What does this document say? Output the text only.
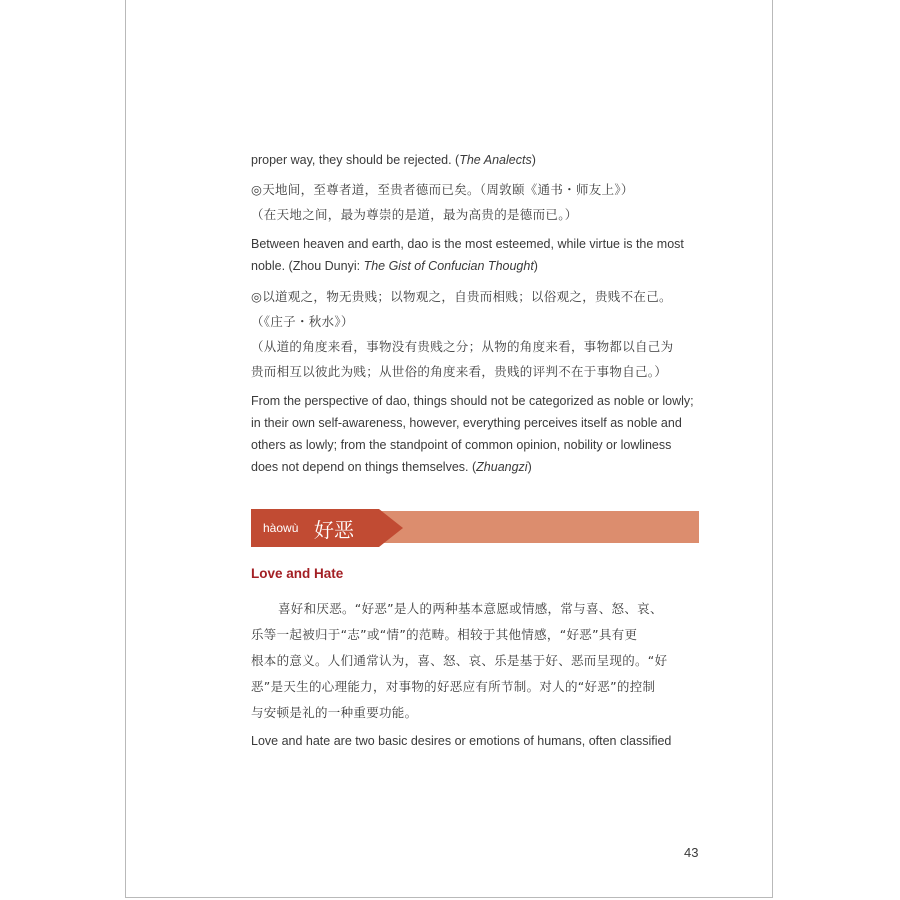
proper way, they should be rejected. (The Analects)

◎天地间，至尊者道，至贵者德而已矣。（周敦颐《通书・师友上》）

（在天地之间，最为尊崇的是道，最为高贵的是德而已。）

Between heaven and earth, dao is the most esteemed, while virtue is the most

noble. (Zhou Dunyi: The Gist of Confucian Thought)

◎以道观之，物无贵贱；以物观之，自贵而相贱；以俗观之，贵贱不在己。

（《庄子・秋水》）

（从道的角度来看，事物没有贵贱之分；从物的角度来看，事物都以自己为

贵而相互以彼此为贱；从世俗的角度来看，贵贱的评判不在于事物自己。）

From the perspective of dao, things should not be categorized as noble or lowly;

in their own self-awareness, however, everything perceives itself as noble and

others as lowly; from the standpoint of common opinion, nobility or lowliness

does not depend on things themselves. (Zhuangzi)

hàowù 好恶
Love and Hate

喜好和厌恶。“好恶”是人的两种基本意愿或情感，常与喜、怒、哀、

乐等一起被归于“志”或“情”的范畴。相较于其他情感，“好恶”具有更

根本的意义。人们通常认为，喜、怒、哀、乐是基于好、恶而呈现的。“好

恶”是天生的心理能力，对事物的好恶应有所节制。对人的“好恶”的控制

与安顿是礼的一种重要功能。

Love and hate are two basic desires or emotions of humans, often classified

43
